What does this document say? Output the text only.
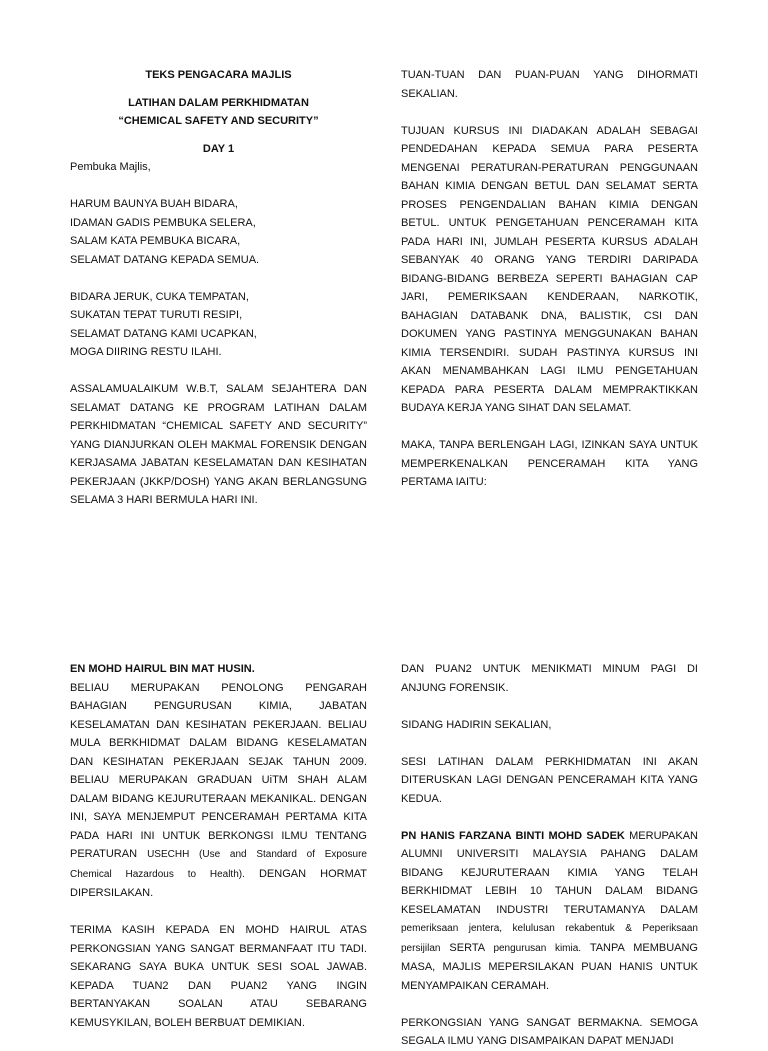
TEKS PENGACARA MAJLIS
LATIHAN DALAM PERKHIDMATAN
“CHEMICAL SAFETY AND SECURITY”
DAY 1

Pembuka Majlis,

HARUM BAUNYA BUAH BIDARA,
IDAMAN GADIS PEMBUKA SELERA,
SALAM KATA PEMBUKA BICARA,
SELAMAT DATANG KEPADA SEMUA.
BIDARA JERUK, CUKA TEMPATAN,
SUKATAN TEPAT TURUTI RESIPI,
SELAMAT DATANG KAMI UCAPKAN,
MOGA DIIRING RESTU ILAHI.

ASSALAMUALAIKUM W.B.T, SALAM SEJAHTERA DAN SELAMAT DATANG KE PROGRAM LATIHAN DALAM PERKHIDMATAN “CHEMICAL SAFETY AND SECURITY” YANG DIANJURKAN OLEH MAKMAL FORENSIK DENGAN KERJASAMA JABATAN KESELAMATAN DAN KESIHATAN PEKERJAAN (JKKP/DOSH) YANG AKAN BERLANGSUNG SELAMA 3 HARI BERMULA HARI INI.

TUAN-TUAN DAN PUAN-PUAN YANG DIHORMATI SEKALIAN.

TUJUAN KURSUS INI DIADAKAN ADALAH SEBAGAI PENDEDAHAN KEPADA SEMUA PARA PESERTA MENGENAI PERATURAN-PERATURAN PENGGUNAAN BAHAN KIMIA DENGAN BETUL DAN SELAMAT SERTA PROSES PENGENDALIAN BAHAN KIMIA DENGAN BETUL. UNTUK PENGETAHUAN PENCERAMAH KITA PADA HARI INI, JUMLAH PESERTA KURSUS ADALAH SEBANYAK 40 ORANG YANG TERDIRI DARIPADA BIDANG-BIDANG BERBEZA SEPERTI BAHAGIAN CAP JARI, PEMERIKSAAN KENDERAAN, NARKOTIK, BAHAGIAN DATABANK DNA, BALISTIK, CSI DAN DOKUMEN YANG PASTINYA MENGGUNAKAN BAHAN KIMIA TERSENDIRI. SUDAH PASTINYA KURSUS INI AKAN MENAMBAHKAN LAGI ILMU PENGETAHUAN KEPADA PARA PESERTA DALAM MEMPRAKTIKKAN BUDAYA KERJA YANG SIHAT DAN SELAMAT.

MAKA, TANPA BERLENGAH LAGI, IZINKAN SAYA UNTUK MEMPERKENALKAN PENCERAMAH KITA YANG PERTAMA IAITU:

EN MOHD HAIRUL BIN MAT HUSIN.

BELIAU MERUPAKAN PENOLONG PENGARAH BAHAGIAN PENGURUSAN KIMIA, JABATAN KESELAMATAN DAN KESIHATAN PEKERJAAN. BELIAU MULA BERKHIDMAT DALAM BIDANG KESELAMATAN DAN KESIHATAN PEKERJAAN SEJAK TAHUN 2009. BELIAU MERUPAKAN GRADUAN UiTM SHAH ALAM DALAM BIDANG KEJURUTERAAN MEKANIKAL. DENGAN INI, SAYA MENJEMPUT PENCERAMAH PERTAMA KITA PADA HARI INI UNTUK BERKONGSI ILMU TENTANG PERATURAN USECHH (Use and Standard of Exposure Chemical Hazardous to Health). DENGAN HORMAT DIPERSILAKAN.

TERIMA KASIH KEPADA EN MOHD HAIRUL ATAS PERKONGSIAN YANG SANGAT BERMANFAAT ITU TADI. SEKARANG SAYA BUKA UNTUK SESI SOAL JAWAB. KEPADA TUAN2 DAN PUAN2 YANG INGIN BERTANYAKAN SOALAN ATAU SEBARANG KEMUSYKILAN, BOLEH BERBUAT DEMIKIAN.

DAN PUAN2 UNTUK MENIKMATI MINUM PAGI DI ANJUNG FORENSIK.

SIDANG HADIRIN SEKALIAN,

SESI LATIHAN DALAM PERKHIDMATAN INI AKAN DITERUSKAN LAGI DENGAN PENCERAMAH KITA YANG KEDUA.

PN HANIS FARZANA BINTI MOHD SADEK MERUPAKAN ALUMNI UNIVERSITI MALAYSIA PAHANG DALAM BIDANG KEJURUTERAAN KIMIA YANG TELAH BERKHIDMAT LEBIH 10 TAHUN DALAM BIDANG KESELAMATAN INDUSTRI TERUTAMANYA DALAM pemeriksaan jentera, kelulusan rekabentuk & Peperiksaan persijilan SERTA pengurusan kimia. TANPA MEMBUANG MASA, MAJLIS MEPERSILAKAN PUAN HANIS UNTUK MENYAMPAIKAN CERAMAH.

PERKONGSIAN YANG SANGAT BERMAKNA. SEMOGA SEGALA ILMU YANG DISAMPAIKAN DAPAT MENJADI
